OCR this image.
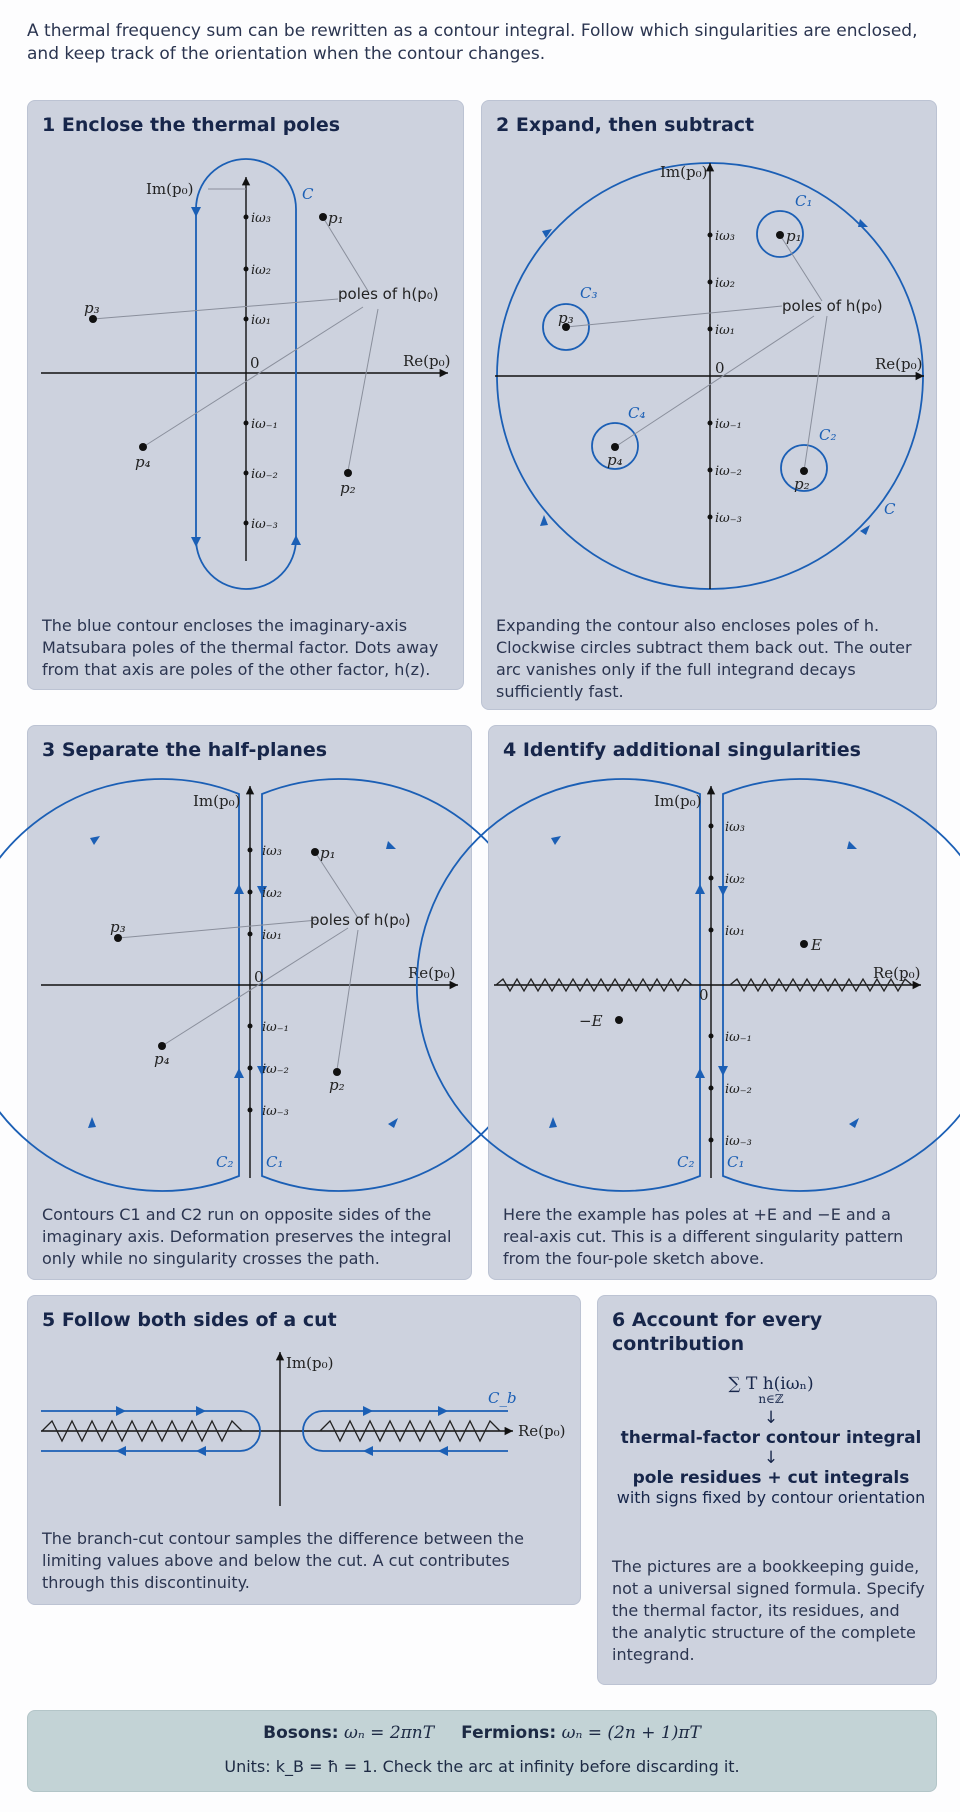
A thermal frequency sum can be rewritten as a contour integral. Follow which singularities are enclosed, and keep track of the orientation when the contour changes.
1 Enclose the thermal poles
Im(p₀)
Re(p₀)
0
C
iω₃
iω₂
iω₁
iω₋₁
iω₋₂
iω₋₃
p₁
p₂
p₃
p₄
poles of h(p₀)
The blue contour encloses the imaginary-axis Matsubara poles of the thermal factor. Dots away from that axis are poles of the other factor, h(z).
2 Expand, then subtract
Im(p₀)
Re(p₀)
0
C
iω₃
iω₂
iω₁
iω₋₁
iω₋₂
iω₋₃
C₁
C₃
C₄
C₂
p₁
p₂
p₃
p₄
poles of h(p₀)
Expanding the contour also encloses poles of h. Clockwise circles subtract them back out. The outer arc vanishes only if the full integrand decays sufficiently fast.
3 Separate the half-planes
Im(p₀)
Re(p₀)
0
C₂ C₁
iω₃
iω₂
iω₁
iω₋₁
iω₋₂
iω₋₃
p₁
p₂
p₃
p₄
poles of h(p₀)
Contours C1 and C2 run on opposite sides of the imaginary axis. Deformation preserves the integral only while no singularity crosses the path.
4 Identify additional singularities
Im(p₀)
Re(p₀)
0
C₂ C₁
iω₃
iω₂
iω₁
iω₋₁
iω₋₂
iω₋₃
E
−E
Here the example has poles at +E and −E and a real-axis cut. This is a different singularity pattern from the four-pole sketch above.
5 Follow both sides of a cut
Im(p₀)
Re(p₀)
C_b
The branch-cut contour samples the difference between the limiting values above and below the cut. A cut contributes through this discontinuity.
6 Account for every contribution
∑ T h(iωₙ)
n∈ℤ
↓
thermal-factor contour integral
↓
pole residues + cut integrals
with signs fixed by contour orientation
The pictures are a bookkeeping guide, not a universal signed formula. Specify the thermal factor, its residues, and the analytic structure of the complete integrand.
Bosons: ωₙ = 2πnT Fermions: ωₙ = (2n + 1)πT
Units: k_B = ħ = 1. Check the arc at infinity before discarding it.
